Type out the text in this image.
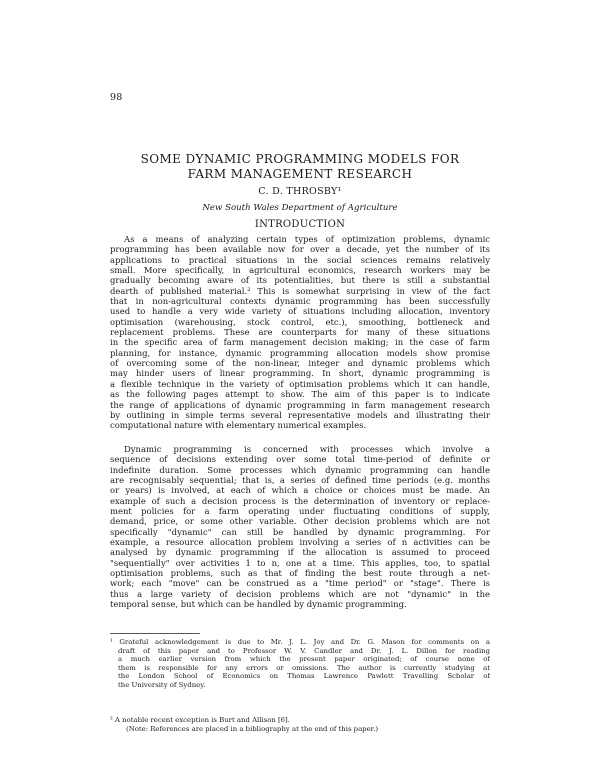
98
SOME DYNAMIC PROGRAMMING MODELS FOR
FARM MANAGEMENT RESEARCH
C. D. THROSBY¹
New South Wales Department of Agriculture
INTRODUCTION
As a means of analyzing certain types of optimization problems, dynamic
programming has been available now for over a decade, yet the number of its
applications to practical situations in the social sciences remains relatively
small. More specifically, in agricultural economics, research workers may be
gradually becoming aware of its potentialities, but there is still a substantial
dearth of published material.² This is somewhat surprising in view of the fact
that in non-agricultural contexts dynamic programming has been successfully
used to handle a very wide variety of situations including allocation, inventory
optimisation (warehousing, stock control, etc.), smoothing, bottleneck and
replacement problems. These are counterparts for many of these situations
in the specific area of farm management decision making; in the case of farm
planning, for instance, dynamic programming allocation models show promise
of overcoming some of the non-linear, integer and dynamic problems which
may hinder users of linear programming. In short, dynamic programming is
a flexible technique in the variety of optimisation problems which it can handle,
as the following pages attempt to show. The aim of this paper is to indicate
the range of applications of dynamic programming in farm management research
by outlining in simple terms several representative models and illustrating their
computational nature with elementary numerical examples.
Dynamic programming is concerned with processes which involve a
sequence of decisions extending over some total time-period of definite or
indefinite duration. Some processes which dynamic programming can handle
are recognisably sequential; that is, a series of defined time periods (e.g. months
or years) is involved, at each of which a choice or choices must be made. An
example of such a decision process is the determination of inventory or replace-
ment policies for a farm operating under fluctuating conditions of supply,
demand, price, or some other variable. Other decision problems which are not
specifically "dynamic" can still be handled by dynamic programming. For
example, a resource allocation problem involving a series of n activities can be
analysed by dynamic programming if the allocation is assumed to proceed
"sequentially" over activities 1 to n, one at a time. This applies, too, to spatial
optimisation problems, such as that of finding the best route through a net-
work; each "move" can be construed as a "time period" or "stage". There is
thus a large variety of decision problems which are not "dynamic" in the
temporal sense, but which can be handled by dynamic programming.
¹ Grateful acknowledgement is due to Mr. J. L. Joy and Dr. G. Mason for comments on a
draft of this paper and to Professor W. V. Candler and Dr. J. L. Dillon for reading
a much earlier version from which the present paper originated; of course none of
them is responsible for any errors or omissions. The author is currently studying at
the London School of Economics on Thomas Lawrence Pawlett Travelling Scholar of
the University of Sydney.
² A notable recent exception is Burt and Allison [6].
(Note: References are placed in a bibliography at the end of this paper.)
